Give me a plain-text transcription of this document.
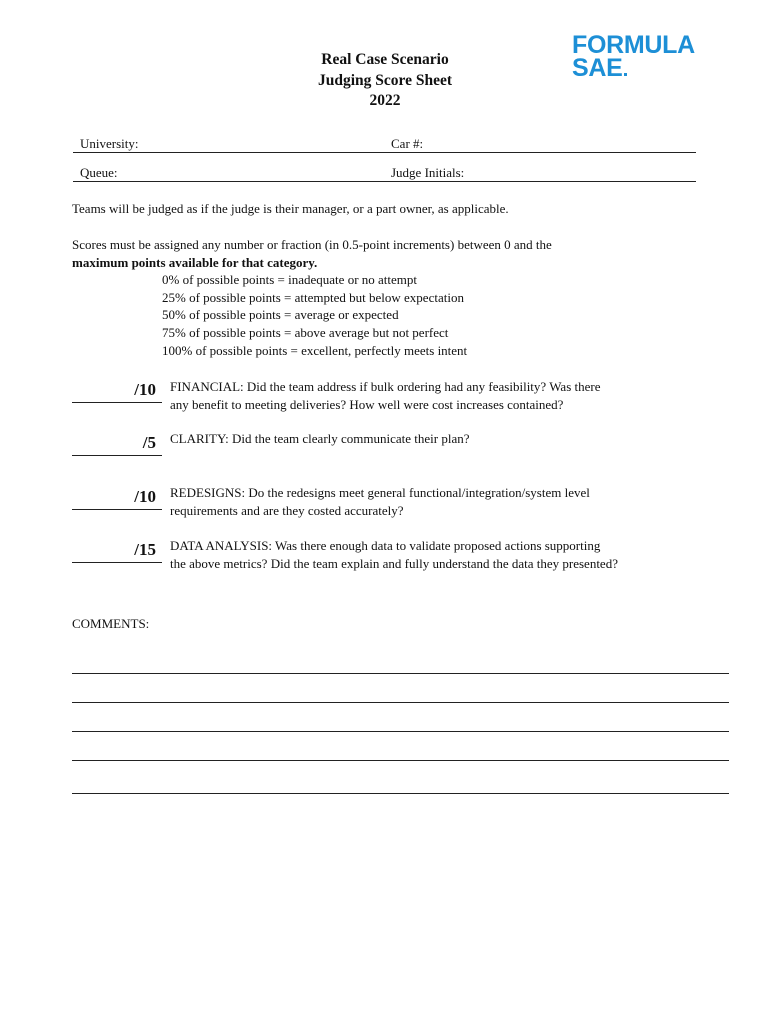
Real Case Scenario
Judging Score Sheet
2022
FORMULA
SAE
University:	Car #:
Queue:	Judge Initials:
Teams will be judged as if the judge is their manager, or a part owner, as applicable.
Scores must be assigned any number or fraction (in 0.5-point increments) between 0 and the
maximum points available for that category.
0% of possible points = inadequate or no attempt
25% of possible points = attempted but below expectation
50% of possible points = average or expected
75% of possible points = above average but not perfect
100% of possible points = excellent, perfectly meets intent
/10 FINANCIAL: Did the team address if bulk ordering had any feasibility? Was there
any benefit to meeting deliveries? How well were cost increases contained?
/5 CLARITY: Did the team clearly communicate their plan?
/10 REDESIGNS: Do the redesigns meet general functional/integration/system level
requirements and are they costed accurately?
/15 DATA ANALYSIS: Was there enough data to validate proposed actions supporting
the above metrics? Did the team explain and fully understand the data they presented?
COMMENTS:
